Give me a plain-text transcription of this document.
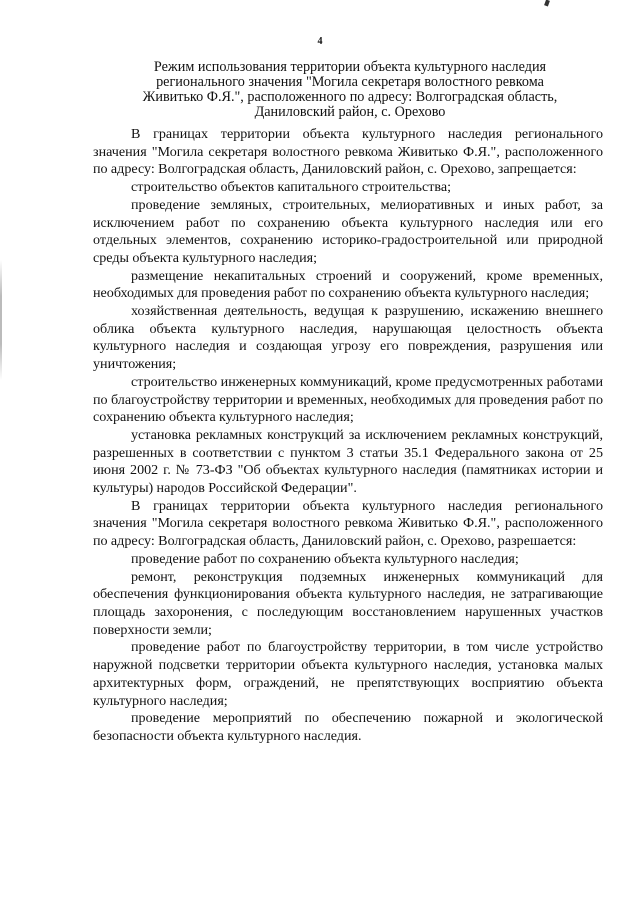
4
Режим использования территории объекта культурного наследия
регионального значения "Могила секретаря волостного ревкома
Живитько Ф.Я.", расположенного по адресу: Волгоградская область,
Даниловский район, с. Орехово

В границах территории объекта культурного наследия регионального значения "Могила секретаря волостного ревкома Живитько Ф.Я.", расположенного по адресу: Волгоградская область, Даниловский район, с. Орехово, запрещается:

строительство объектов капитального строительства;

проведение земляных, строительных, мелиоративных и иных работ, за исключением работ по сохранению объекта культурного наследия или его отдельных элементов, сохранению историко-градостроительной или природной среды объекта культурного наследия;

размещение некапитальных строений и сооружений, кроме временных, необходимых для проведения работ по сохранению объекта культурного наследия;

хозяйственная деятельность, ведущая к разрушению, искажению внешнего облика объекта культурного наследия, нарушающая целостность объекта культурного наследия и создающая угрозу его повреждения, разрушения или уничтожения;

строительство инженерных коммуникаций, кроме предусмотренных работами по благоустройству территории и временных, необходимых для проведения работ по сохранению объекта культурного наследия;

установка рекламных конструкций за исключением рекламных конструкций, разрешенных в соответствии с пунктом 3 статьи 35.1 Федерального закона от 25 июня 2002 г. № 73-ФЗ "Об объектах культурного наследия (памятниках истории и культуры) народов Российской Федерации".

В границах территории объекта культурного наследия регионального значения "Могила секретаря волостного ревкома Живитько Ф.Я.", расположенного по адресу: Волгоградская область, Даниловский район, с. Орехово, разрешается:

проведение работ по сохранению объекта культурного наследия;

ремонт, реконструкция подземных инженерных коммуникаций для обеспечения функционирования объекта культурного наследия, не затрагивающие площадь захоронения, с последующим восстановлением нарушенных участков поверхности земли;

проведение работ по благоустройству территории, в том числе устройство наружной подсветки территории объекта культурного наследия, установка малых архитектурных форм, ограждений, не препятствующих восприятию объекта культурного наследия;

проведение мероприятий по обеспечению пожарной и экологической безопасности объекта культурного наследия.
